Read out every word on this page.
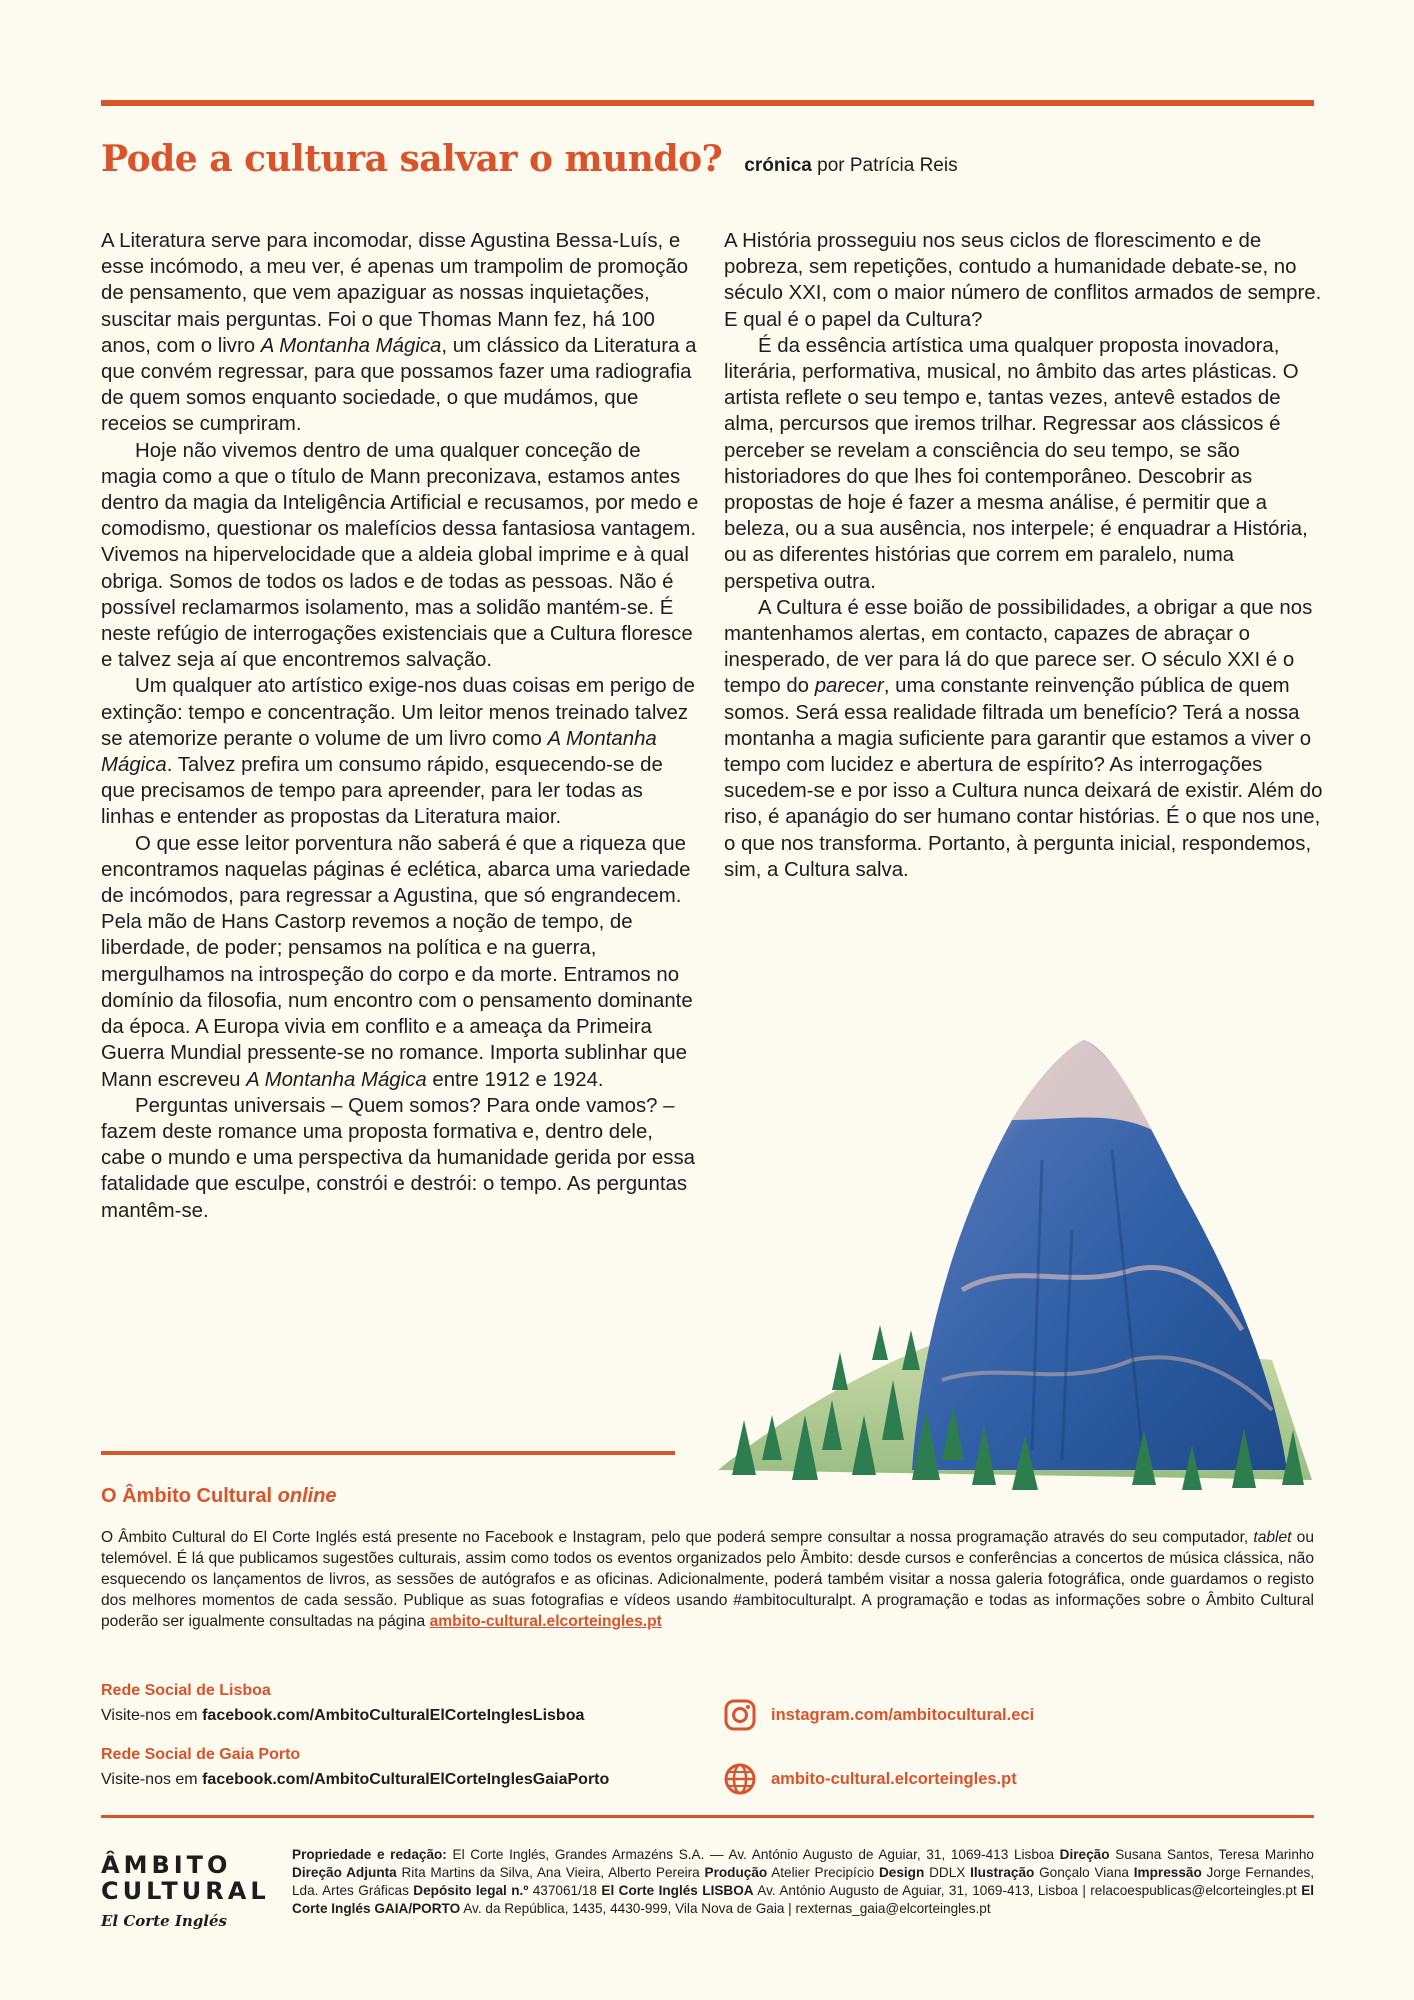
Pode a cultura salvar o mundo? crónica por Patrícia Reis

A Literatura serve para incomodar, disse Agustina Bessa-Luís, e esse incómodo, a meu ver, é apenas um trampolim de promoção de pensamento, que vem apaziguar as nossas inquietações, suscitar mais perguntas. Foi o que Thomas Mann fez, há 100 anos, com o livro A Montanha Mágica, um clássico da Literatura a que convém regressar, para que possamos fazer uma radiografia de quem somos enquanto sociedade, o que mudámos, que receios se cumpriram.

Hoje não vivemos dentro de uma qualquer conceção de magia como a que o título de Mann preconizava, estamos antes dentro da magia da Inteligência Artificial e recusamos, por medo e comodismo, questionar os malefícios dessa fantasiosa vantagem. Vivemos na hipervelocidade que a aldeia global imprime e à qual obriga. Somos de todos os lados e de todas as pessoas. Não é possível reclamarmos isolamento, mas a solidão mantém-se. É neste refúgio de interrogações existenciais que a Cultura floresce e talvez seja aí que encontremos salvação.

Um qualquer ato artístico exige-nos duas coisas em perigo de extinção: tempo e concentração. Um leitor menos treinado talvez se atemorize perante o volume de um livro como A Montanha Mágica. Talvez prefira um consumo rápido, esquecendo-se de que precisamos de tempo para apreender, para ler todas as linhas e entender as propostas da Literatura maior.

O que esse leitor porventura não saberá é que a riqueza que encontramos naquelas páginas é eclética, abarca uma variedade de incómodos, para regressar a Agustina, que só engrandecem. Pela mão de Hans Castorp revemos a noção de tempo, de liberdade, de poder; pensamos na política e na guerra, mergulhamos na introspeção do corpo e da morte. Entramos no domínio da filosofia, num encontro com o pensamento dominante da época. A Europa vivia em conflito e a ameaça da Primeira Guerra Mundial pressente-se no romance. Importa sublinhar que Mann escreveu A Montanha Mágica entre 1912 e 1924.

Perguntas universais – Quem somos? Para onde vamos? – fazem deste romance uma proposta formativa e, dentro dele, cabe o mundo e uma perspectiva da humanidade gerida por essa fatalidade que esculpe, constrói e destrói: o tempo. As perguntas mantêm-se.

A História prosseguiu nos seus ciclos de florescimento e de pobreza, sem repetições, contudo a humanidade debate-se, no século XXI, com o maior número de conflitos armados de sempre. E qual é o papel da Cultura?

É da essência artística uma qualquer proposta inovadora, literária, performativa, musical, no âmbito das artes plásticas. O artista reflete o seu tempo e, tantas vezes, antevê estados de alma, percursos que iremos trilhar. Regressar aos clássicos é perceber se revelam a consciência do seu tempo, se são historiadores do que lhes foi contemporâneo. Descobrir as propostas de hoje é fazer a mesma análise, é permitir que a beleza, ou a sua ausência, nos interpele; é enquadrar a História, ou as diferentes histórias que correm em paralelo, numa perspetiva outra.

A Cultura é esse boião de possibilidades, a obrigar a que nos mantenhamos alertas, em contacto, capazes de abraçar o inesperado, de ver para lá do que parece ser. O século XXI é o tempo do parecer, uma constante reinvenção pública de quem somos. Será essa realidade filtrada um benefício? Terá a nossa montanha a magia suficiente para garantir que estamos a viver o tempo com lucidez e abertura de espírito? As interrogações sucedem-se e por isso a Cultura nunca deixará de existir. Além do riso, é apanágio do ser humano contar histórias. É o que nos une, o que nos transforma. Portanto, à pergunta inicial, respondemos, sim, a Cultura salva.

O Âmbito Cultural online

O Âmbito Cultural do El Corte Inglés está presente no Facebook e Instagram, pelo que poderá sempre consultar a nossa programação através do seu computador, tablet ou telemóvel. É lá que publicamos sugestões culturais, assim como todos os eventos organizados pelo Âmbito: desde cursos e conferências a concertos de música clássica, não esquecendo os lançamentos de livros, as sessões de autógrafos e as oficinas. Adicionalmente, poderá também visitar a nossa galeria fotográfica, onde guardamos o registo dos melhores momentos de cada sessão. Publique as suas fotografias e vídeos usando #ambitoculturalpt. A programação e todas as informações sobre o Âmbito Cultural poderão ser igualmente consultadas na página ambito-cultural.elcorteingles.pt

Rede Social de Lisboa
Visite-nos em facebook.com/AmbitoCulturalElCorteInglesLisboa
Rede Social de Gaia Porto
Visite-nos em facebook.com/AmbitoCulturalElCorteInglesGaiaPorto
instagram.com/ambitocultural.eci
ambito-cultural.elcorteingles.pt
ÂMBITO
CULTURAL
El Corte Inglés

Propriedade e redação: El Corte Inglés, Grandes Armazéns S.A. — Av. António Augusto de Aguiar, 31, 1069-413 Lisboa Direção Susana Santos, Teresa Marinho Direção Adjunta Rita Martins da Silva, Ana Vieira, Alberto Pereira Produção Atelier Precipício Design DDLX Ilustração Gonçalo Viana Impressão Jorge Fernandes, Lda. Artes Gráficas Depósito legal n.º 437061/18 El Corte Inglés LISBOA Av. António Augusto de Aguiar, 31, 1069-413, Lisboa | relacoespublicas@elcorteingles.pt El Corte Inglés GAIA/PORTO Av. da República, 1435, 4430-999, Vila Nova de Gaia | rexternas_gaia@elcorteingles.pt
